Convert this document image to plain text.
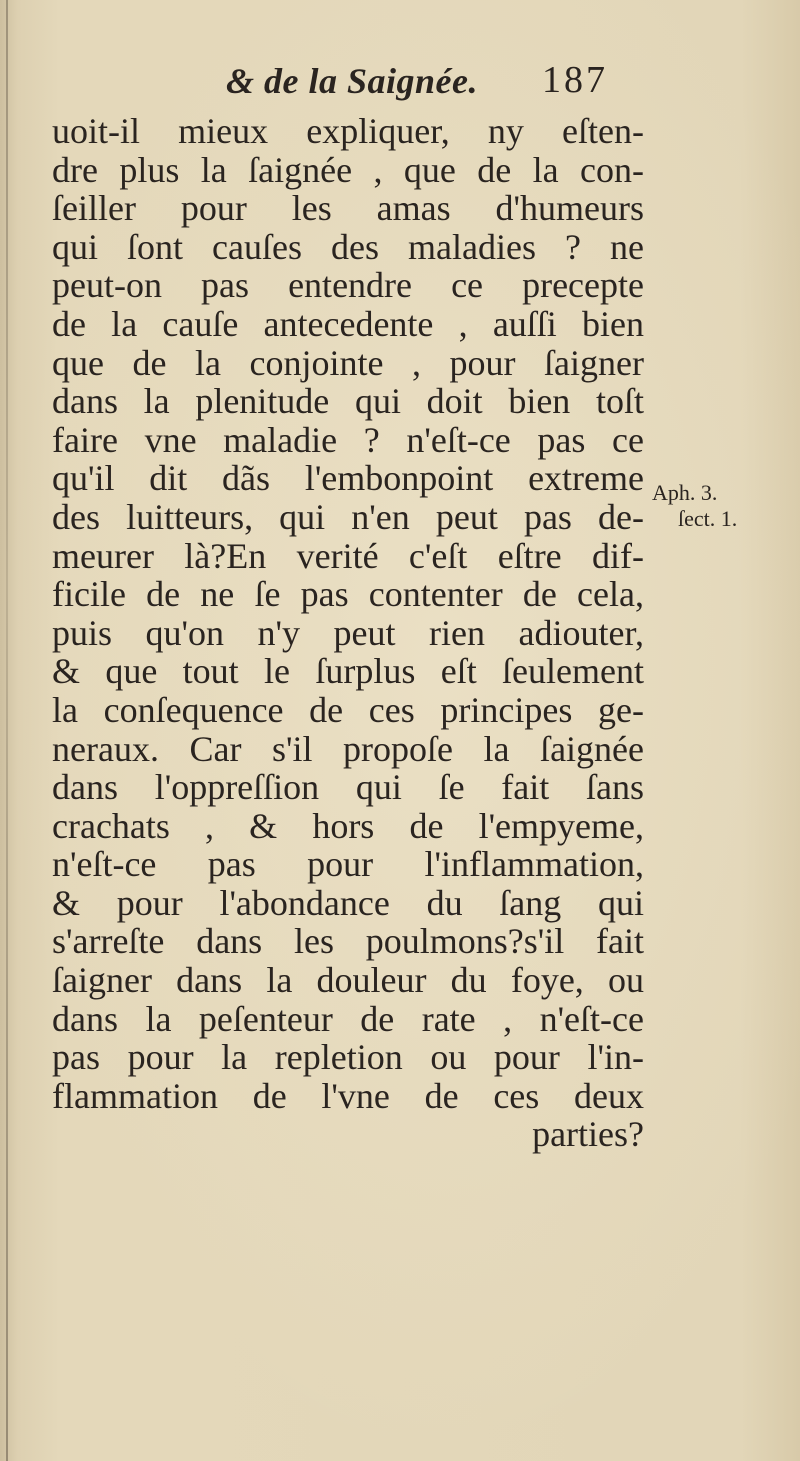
& de la Saignée. 187
uoit-il mieux expliquer, ny eſten-
dre plus la ſaignée , que de la con-
ſeiller pour les amas d'humeurs
qui ſont cauſes des maladies ? ne
peut-on pas entendre ce precepte
de la cauſe antecedente , auſſi bien
que de la conjointe , pour ſaigner
dans la plenitude qui doit bien toſt
faire vne maladie ? n'eſt-ce pas ce
qu'il dit dãs l'embonpoint extreme
des luitteurs, qui n'en peut pas de-
meurer là?En verité c'eſt eſtre dif-
ficile de ne ſe pas contenter de cela,
puis qu'on n'y peut rien adiouter,
& que tout le ſurplus eſt ſeulement
la conſequence de ces principes ge-
neraux. Car s'il propoſe la ſaignée
dans l'oppreſſion qui ſe fait ſans
crachats , & hors de l'empyeme,
n'eſt-ce pas pour l'inflammation,
& pour l'abondance du ſang qui
s'arreſte dans les poulmons?s'il fait
ſaigner dans la douleur du foye, ou
dans la peſenteur de rate , n'eſt-ce
pas pour la repletion ou pour l'in-
flammation de l'vne de ces deux
parties?
Aph. 3.
ſect. 1.
